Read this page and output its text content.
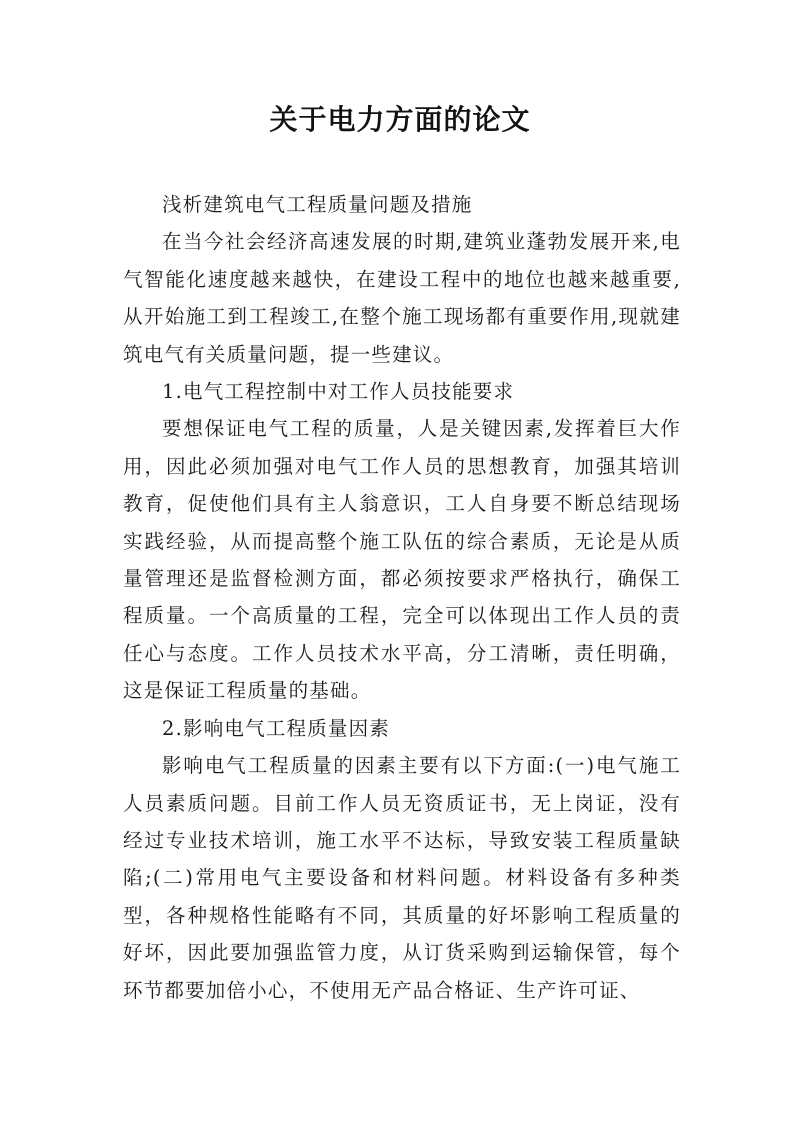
关于电力方面的论文

浅析建筑电气工程质量问题及措施

在当今社会经济高速发展的时期,建筑业蓬勃发展开来,电气智能化速度越来越快，在建设工程中的地位也越来越重要,从开始施工到工程竣工,在整个施工现场都有重要作用,现就建筑电气有关质量问题，提一些建议。

1.电气工程控制中对工作人员技能要求

要想保证电气工程的质量，人是关键因素,发挥着巨大作用，因此必须加强对电气工作人员的思想教育，加强其培训教育，促使他们具有主人翁意识，工人自身要不断总结现场实践经验，从而提高整个施工队伍的综合素质，无论是从质量管理还是监督检测方面，都必须按要求严格执行，确保工程质量。一个高质量的工程，完全可以体现出工作人员的责任心与态度。工作人员技术水平高，分工清晰，责任明确，这是保证工程质量的基础。

2.影响电气工程质量因素

影响电气工程质量的因素主要有以下方面:(一)电气施工人员素质问题。目前工作人员无资质证书，无上岗证，没有经过专业技术培训，施工水平不达标，导致安装工程质量缺陷;(二)常用电气主要设备和材料问题。材料设备有多种类型，各种规格性能略有不同，其质量的好坏影响工程质量的好坏，因此要加强监管力度，从订货采购到运输保管，每个环节都要加倍小心，不使用无产品合格证、生产许可证、
